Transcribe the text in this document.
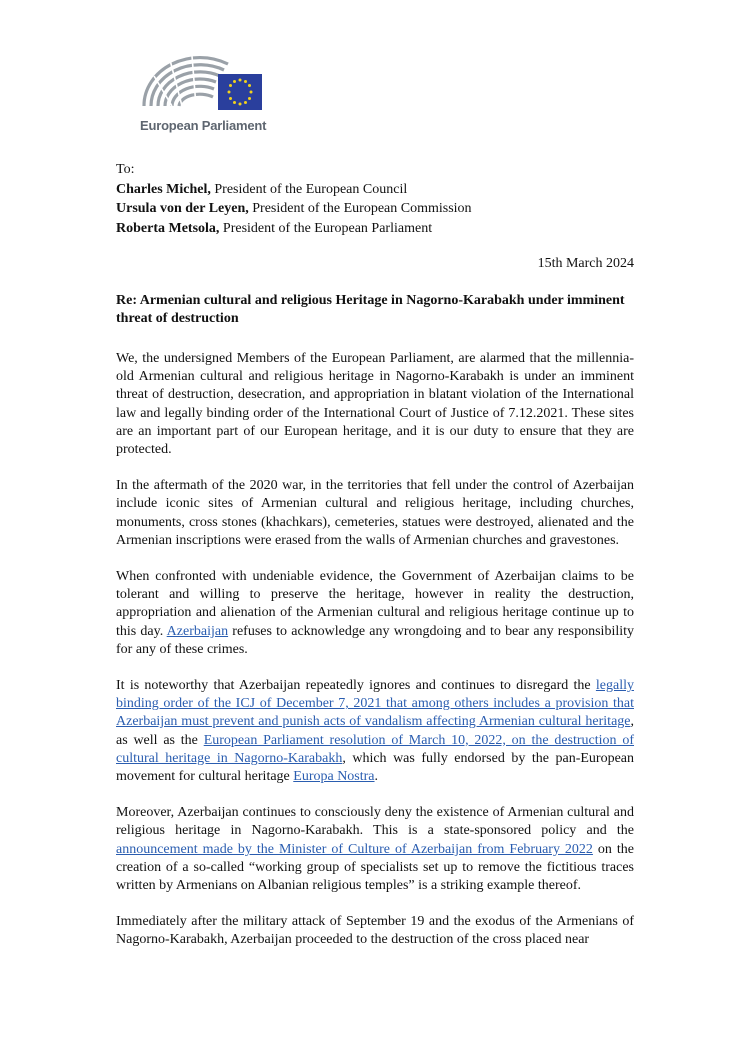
European Parliament
To:
Charles Michel, President of the European Council
Ursula von der Leyen, President of the European Commission
Roberta Metsola, President of the European Parliament
15th March 2024
Re: Armenian cultural and religious Heritage in Nagorno-Karabakh under imminent threat of destruction

We, the undersigned Members of the European Parliament, are alarmed that the millennia-old Armenian cultural and religious heritage in Nagorno-Karabakh is under an imminent threat of destruction, desecration, and appropriation in blatant violation of the International law and legally binding order of the International Court of Justice of 7.12.2021. These sites are an important part of our European heritage, and it is our duty to ensure that they are protected.

In the aftermath of the 2020 war, in the territories that fell under the control of Azerbaijan include iconic sites of Armenian cultural and religious heritage, including churches, monuments, cross stones (khachkars), cemeteries, statues were destroyed, alienated and the Armenian inscriptions were erased from the walls of Armenian churches and gravestones.

When confronted with undeniable evidence, the Government of Azerbaijan claims to be tolerant and willing to preserve the heritage, however in reality the destruction, appropriation and alienation of the Armenian cultural and religious heritage continue up to this day. Azerbaijan refuses to acknowledge any wrongdoing and to bear any responsibility for any of these crimes.

It is noteworthy that Azerbaijan repeatedly ignores and continues to disregard the legally binding order of the ICJ of December 7, 2021 that among others includes a provision that Azerbaijan must prevent and punish acts of vandalism affecting Armenian cultural heritage, as well as the European Parliament resolution of March 10, 2022, on the destruction of cultural heritage in Nagorno-Karabakh, which was fully endorsed by the pan-European movement for cultural heritage Europa Nostra.

Moreover, Azerbaijan continues to consciously deny the existence of Armenian cultural and religious heritage in Nagorno-Karabakh. This is a state-sponsored policy and the announcement made by the Minister of Culture of Azerbaijan from February 2022 on the creation of a so-called “working group of specialists set up to remove the fictitious traces written by Armenians on Albanian religious temples” is a striking example thereof.

Immediately after the military attack of September 19 and the exodus of the Armenians of Nagorno-Karabakh, Azerbaijan proceeded to the destruction of the cross placed near
